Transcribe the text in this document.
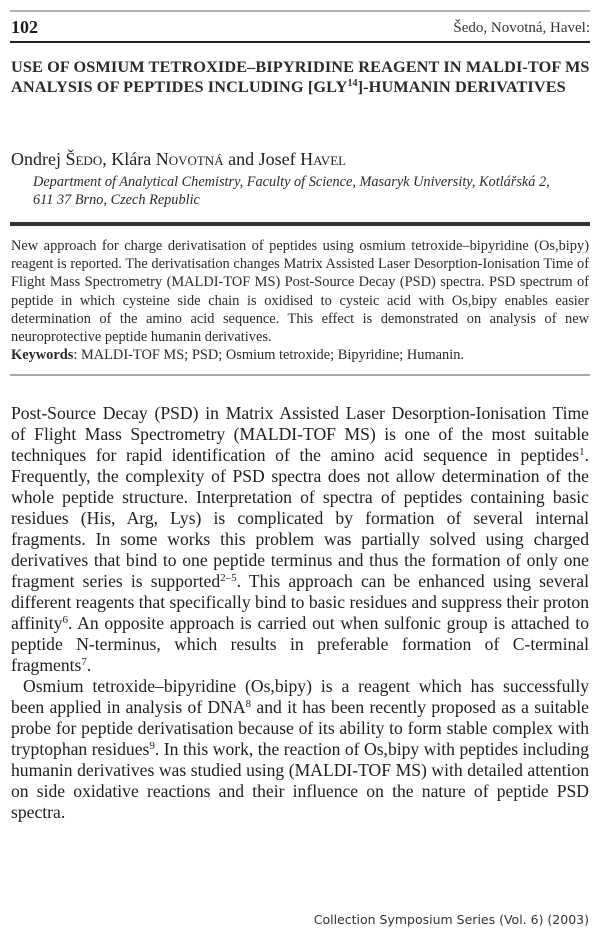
102	Šedo, Novotná, Havel:
USE OF OSMIUM TETROXIDE–BIPYRIDINE REAGENT IN MALDI-TOF MS ANALYSIS OF PEPTIDES INCLUDING [GLY$^{14}$]-HUMANIN DERIVATIVES
Ondrej Šedo, Klára Novotná and Josef Havel
Department of Analytical Chemistry, Faculty of Science, Masaryk University, Kotlářská 2,
611 37 Brno, Czech Republic

New approach for charge derivatisation of peptides using osmium tetroxide–bipyridine (Os,bipy) reagent is reported. The derivatisation changes Matrix Assisted Laser Desorption-Ionisation Time of Flight Mass Spectrometry (MALDI-TOF MS) Post-Source Decay (PSD) spectra. PSD spectrum of peptide in which cysteine side chain is oxidised to cysteic acid with Os,bipy enables easier determination of the amino acid sequence. This effect is demonstrated on analysis of new neuroprotective peptide humanin derivatives.

Keywords: MALDI-TOF MS; PSD; Osmium tetroxide; Bipyridine; Humanin.

Post-Source Decay (PSD) in Matrix Assisted Laser Desorption-Ionisation Time of Flight Mass Spectrometry (MALDI-TOF MS) is one of the most suitable techniques for rapid identification of the amino acid sequence in peptides$^1$. Frequently, the complexity of PSD spectra does not allow determination of the whole peptide structure. Interpretation of spectra of peptides containing basic residues (His, Arg, Lys) is complicated by formation of several internal fragments. In some works this problem was partially solved using charged derivatives that bind to one peptide terminus and thus the formation of only one fragment series is supported$^{2-5}$. This approach can be enhanced using several different reagents that specifically bind to basic residues and suppress their proton affinity$^6$. An opposite approach is carried out when sulfonic group is attached to peptide N-terminus, which results in preferable formation of C-terminal fragments$^7$.

Osmium tetroxide–bipyridine (Os,bipy) is a reagent which has successfully been applied in analysis of DNA$^8$ and it has been recently proposed as a suitable probe for peptide derivatisation because of its ability to form stable complex with tryptophan residues$^9$. In this work, the reaction of Os,bipy with peptides including humanin derivatives was studied using (MALDI-TOF MS) with detailed attention on side oxidative reactions and their influence on the nature of peptide PSD spectra.

Collection Symposium Series (Vol. 6) (2003)
